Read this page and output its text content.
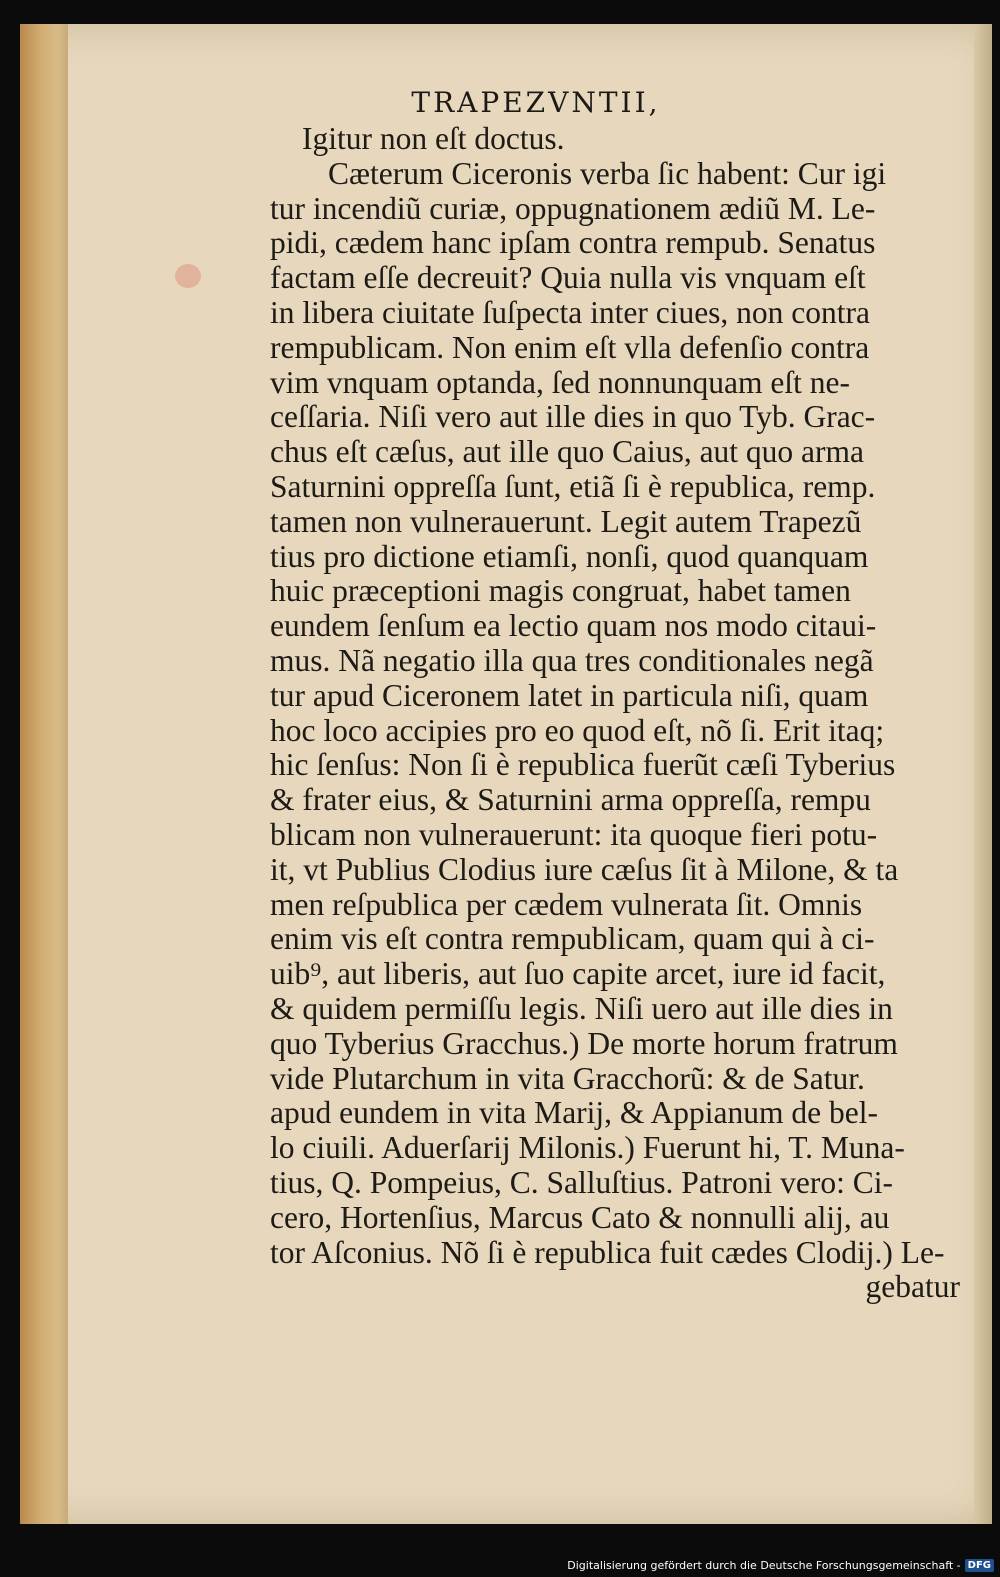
TRAPEZVNTII,
Igitur non eſt doctus.
Cæterum Ciceronis verba ſic habent: Cur igi
tur incendiũ curiæ, oppugnationem ædiũ M. Le-
pidi, cædem hanc ipſam contra rempub. Senatus
factam eſſe decreuit? Quia nulla vis vnquam eſt
in libera ciuitate ſuſpecta inter ciues, non contra
rempublicam. Non enim eſt vlla defenſio contra
vim vnquam optanda, ſed nonnunquam eſt ne-
ceſſaria. Niſi vero aut ille dies in quo Tyb. Grac-
chus eſt cæſus, aut ille quo Caius, aut quo arma
Saturnini oppreſſa ſunt, etiã ſi è republica, remp.
tamen non vulnerauerunt. Legit autem Trapezũ
tius pro dictione etiamſi, nonſi, quod quanquam
huic præceptioni magis congruat, habet tamen
eundem ſenſum ea lectio quam nos modo citaui-
mus. Nã negatio illa qua tres conditionales negã
tur apud Ciceronem latet in particula niſi, quam
hoc loco accipies pro eo quod eſt, nõ ſi. Erit itaq;
hic ſenſus: Non ſi è republica fuerũt cæſi Tyberius
& frater eius, & Saturnini arma oppreſſa, rempu
blicam non vulnerauerunt: ita quoque fieri potu-
it, vt Publius Clodius iure cæſus ſit à Milone, & ta
men reſpublica per cædem vulnerata ſit. Omnis
enim vis eſt contra rempublicam, quam qui à ci-
uib⁹, aut liberis, aut ſuo capite arcet, iure id facit,
& quidem permiſſu legis. Niſi uero aut ille dies in
quo Tyberius Gracchus.) De morte horum fratrum
vide Plutarchum in vita Gracchorũ: & de Satur.
apud eundem in vita Marij, & Appianum de bel-
lo ciuili. Aduerſarij Milonis.) Fuerunt hi, T. Muna-
tius, Q. Pompeius, C. Salluſtius. Patroni vero: Ci-
cero, Hortenſius, Marcus Cato & nonnulli alij, au
tor Aſconius. Nõ ſi è republica fuit cædes Clodij.) Le-
gebatur
Digitalisierung gefördert durch die Deutsche Forschungsgemeinschaft - DFG
